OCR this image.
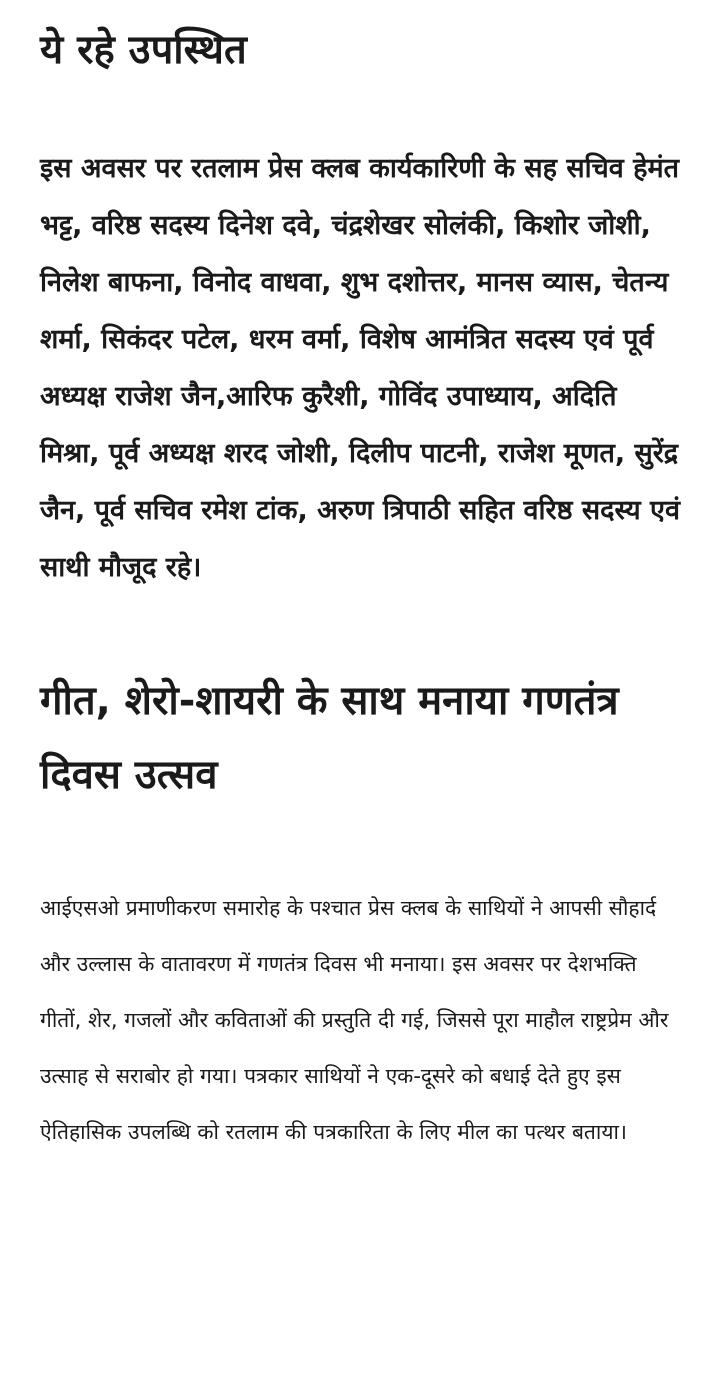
ये रहे उपस्थित

इस अवसर पर रतलाम प्रेस क्लब कार्यकारिणी के सह सचिव हेमंत भट्ट, वरिष्ठ सदस्य दिनेश दवे, चंद्रशेखर सोलंकी, किशोर जोशी, निलेश बाफना, विनोद वाधवा, शुभ दशोत्तर, मानस व्यास, चेतन्य शर्मा, सिकंदर पटेल, धरम वर्मा, विशेष आमंत्रित सदस्य एवं पूर्व अध्यक्ष राजेश जैन,आरिफ कुरैशी, गोविंद उपाध्याय, अदिति मिश्रा, पूर्व अध्यक्ष शरद जोशी, दिलीप पाटनी, राजेश मूणत, सुरेंद्र जैन, पूर्व सचिव रमेश टांक, अरुण त्रिपाठी सहित वरिष्ठ सदस्य एवं साथी मौजूद रहे।

गीत, शेरो-शायरी के साथ मनाया गणतंत्र दिवस उत्सव

आईएसओ प्रमाणीकरण समारोह के पश्चात प्रेस क्लब के साथियों ने आपसी सौहार्द और उल्लास के वातावरण में गणतंत्र दिवस भी मनाया। इस अवसर पर देशभक्ति गीतों, शेर, गजलों और कविताओं की प्रस्तुति दी गई, जिससे पूरा माहौल राष्ट्रप्रेम और उत्साह से सराबोर हो गया। पत्रकार साथियों ने एक-दूसरे को बधाई देते हुए इस ऐतिहासिक उपलब्धि को रतलाम की पत्रकारिता के लिए मील का पत्थर बताया।
